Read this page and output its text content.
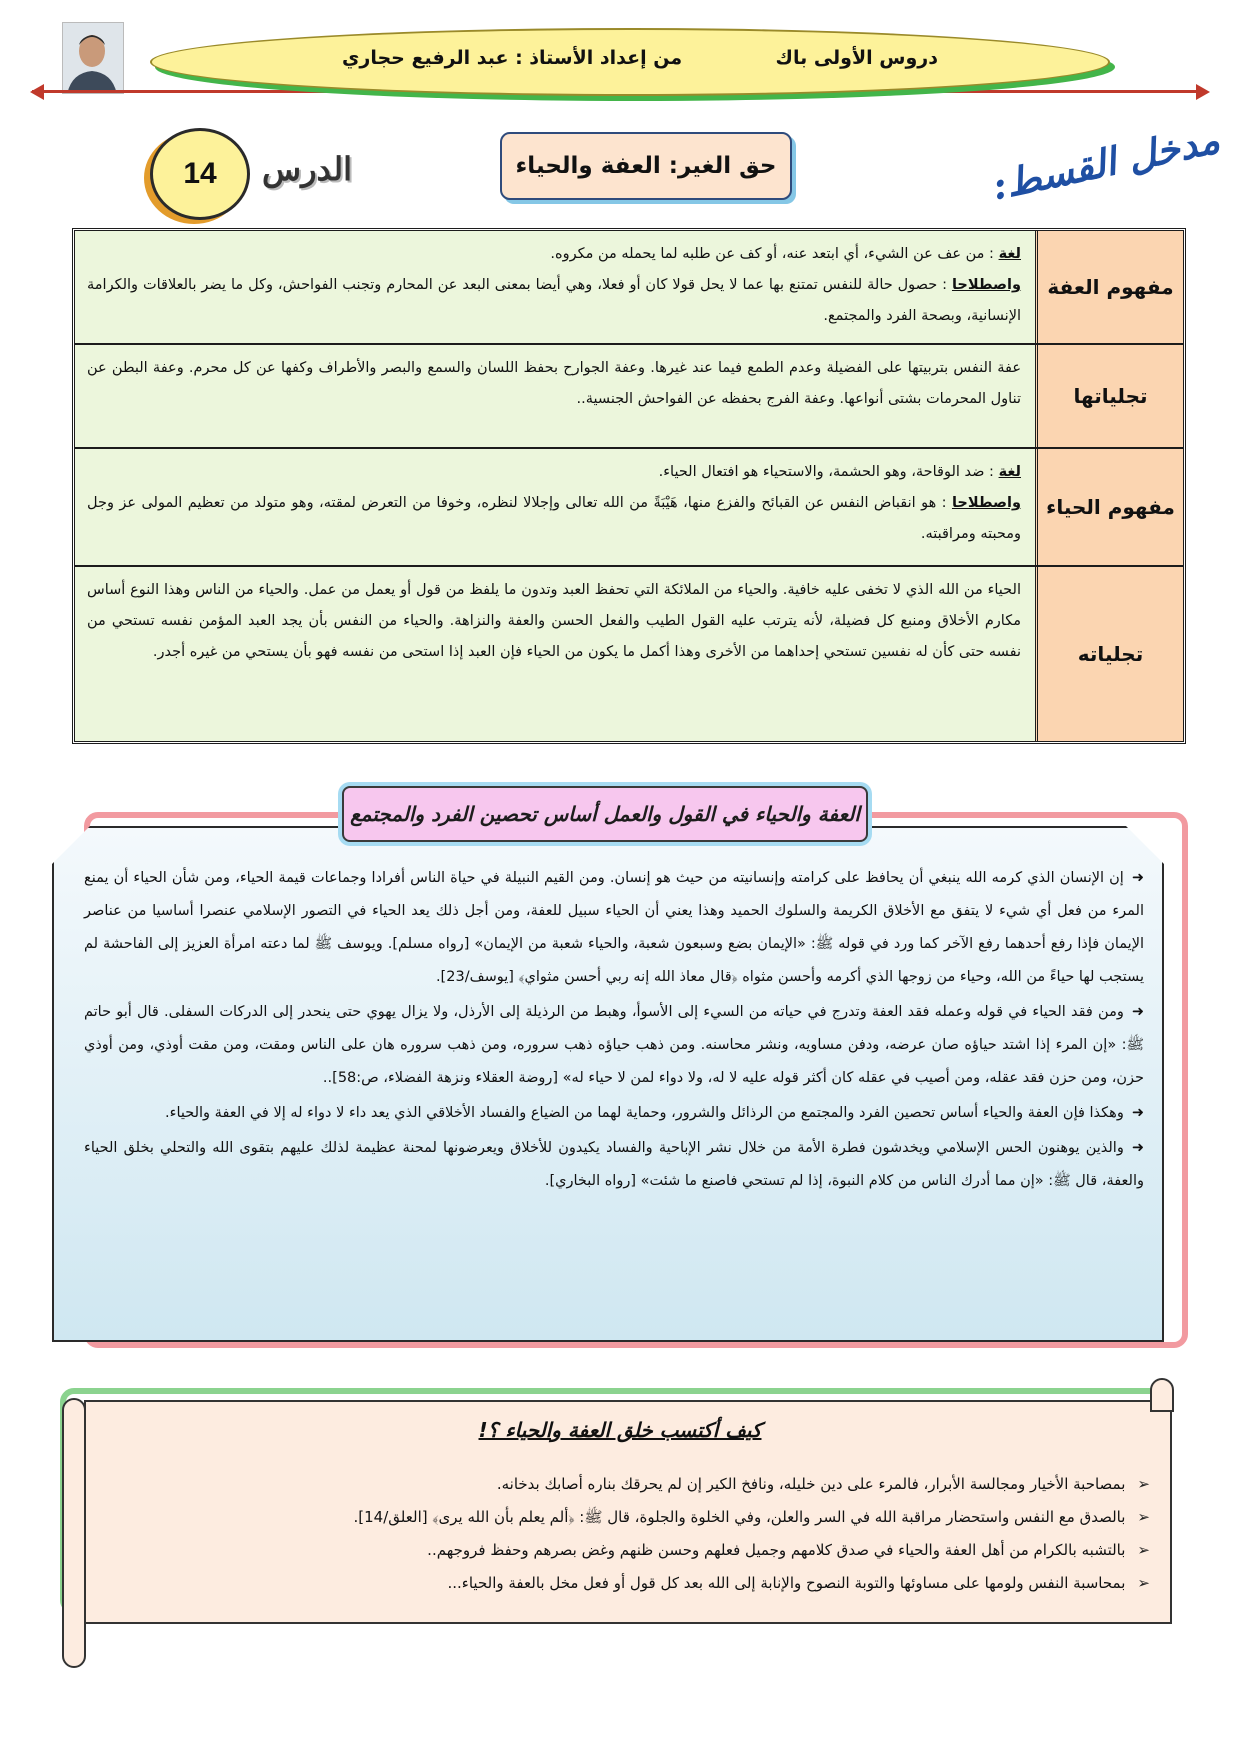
دروس الأولى باك
من إعداد الأستاذ : عبد الرفيع حجاري
14 الدرس	حق الغير: العفة والحياء	مدخل القسط:
مفهوم العفة

لغة : من عف عن الشيء، أي ابتعد عنه، أو كف عن طلبه لما يحمله من مكروه.

واصطلاحا : حصول حالة للنفس تمتنع بها عما لا يحل قولا كان أو فعلا، وهي أيضا بمعنى البعد عن المحارم وتجنب الفواحش، وكل ما يضر بالعلاقات والكرامة الإنسانية، وبصحة الفرد والمجتمع.

تجلياتها

عفة النفس بتربيتها على الفضيلة وعدم الطمع فيما عند غيرها. وعفة الجوارح بحفظ اللسان والسمع والبصر والأطراف وكفها عن كل محرم. وعفة البطن عن تناول المحرمات بشتى أنواعها. وعفة الفرج بحفظه عن الفواحش الجنسية..

مفهوم الحياء

لغة : ضد الوقاحة، وهو الحشمة، والاستحياء هو افتعال الحياء.

واصطلاحا : هو انقباض النفس عن القبائح والفزع منها، هَيْبَةً من الله تعالى وإجلالا لنظره، وخوفا من التعرض لمقته، وهو متولد من تعظيم المولى عز وجل ومحبته ومراقبته.

تجلياته

الحياء من الله الذي لا تخفى عليه خافية. والحياء من الملائكة التي تحفظ العبد وتدون ما يلفظ من قول أو يعمل من عمل. والحياء من الناس وهذا النوع أساس مكارم الأخلاق ومنبع كل فضيلة، لأنه يترتب عليه القول الطيب والفعل الحسن والعفة والنزاهة. والحياء من النفس بأن يجد العبد المؤمن نفسه تستحي من نفسه حتى كأن له نفسين تستحي إحداهما من الأخرى وهذا أكمل ما يكون من الحياء فإن العبد إذا استحى من نفسه فهو بأن يستحي من غيره أجدر.

العفة والحياء في القول والعمل أساس تحصين الفرد والمجتمع

➜إن الإنسان الذي كرمه الله ينبغي أن يحافظ على كرامته وإنسانيته من حيث هو إنسان. ومن القيم النبيلة في حياة الناس أفرادا وجماعات قيمة الحياء، ومن شأن الحياء أن يمنع المرء من فعل أي شيء لا يتفق مع الأخلاق الكريمة والسلوك الحميد وهذا يعني أن الحياء سبيل للعفة، ومن أجل ذلك يعد الحياء في التصور الإسلامي عنصرا أساسيا من عناصر الإيمان فإذا رفع أحدهما رفع الآخر كما ورد في قوله ﷺ: «الإيمان بضع وسبعون شعبة، والحياء شعبة من الإيمان» [رواه مسلم]. ويوسف ﷺ لما دعته امرأة العزيز إلى الفاحشة لم يستجب لها حياءً من الله، وحياء من زوجها الذي أكرمه وأحسن مثواه ﴿قال معاذ الله إنه ربي أحسن مثواي﴾ [يوسف/23].

➜ومن فقد الحياء في قوله وعمله فقد العفة وتدرج في حياته من السيء إلى الأسوأ، وهبط من الرذيلة إلى الأرذل، ولا يزال يهوي حتى ينحدر إلى الدركات السفلى. قال أبو حاتم ﷺ: «إن المرء إذا اشتد حياؤه صان عرضه، ودفن مساويه، ونشر محاسنه. ومن ذهب حياؤه ذهب سروره، ومن ذهب سروره هان على الناس ومقت، ومن مقت أوذي، ومن أوذي حزن، ومن حزن فقد عقله، ومن أصيب في عقله كان أكثر قوله عليه لا له، ولا دواء لمن لا حياء له» [روضة العقلاء ونزهة الفضلاء، ص:58]..

➜وهكذا فإن العفة والحياء أساس تحصين الفرد والمجتمع من الرذائل والشرور، وحماية لهما من الضياع والفساد الأخلاقي الذي يعد داء لا دواء له إلا في العفة والحياء.

➜والذين يوهنون الحس الإسلامي ويخدشون فطرة الأمة من خلال نشر الإباحية والفساد يكيدون للأخلاق ويعرضونها لمحنة عظيمة لذلك عليهم بتقوى الله والتحلي بخلق الحياء والعفة، قال ﷺ: «إن مما أدرك الناس من كلام النبوة، إذا لم تستحي فاصنع ما شئت» [رواه البخاري].

كيف أكتسب خلق العفة والحياء ؟!
➢
بمصاحبة الأخيار ومجالسة الأبرار، فالمرء على دين خليله، ونافخ الكير إن لم يحرقك بناره أصابك بدخانه.
➢
بالصدق مع النفس واستحضار مراقبة الله في السر والعلن، وفي الخلوة والجلوة، قال ﷺ: ﴿ألم يعلم بأن الله يرى﴾ [العلق/14].
➢
بالتشبه بالكرام من أهل العفة والحياء في صدق كلامهم وجميل فعلهم وحسن ظنهم وغض بصرهم وحفظ فروجهم..
➢
بمحاسبة النفس ولومها على مساوئها والتوبة النصوح والإنابة إلى الله بعد كل قول أو فعل مخل بالعفة والحياء...
